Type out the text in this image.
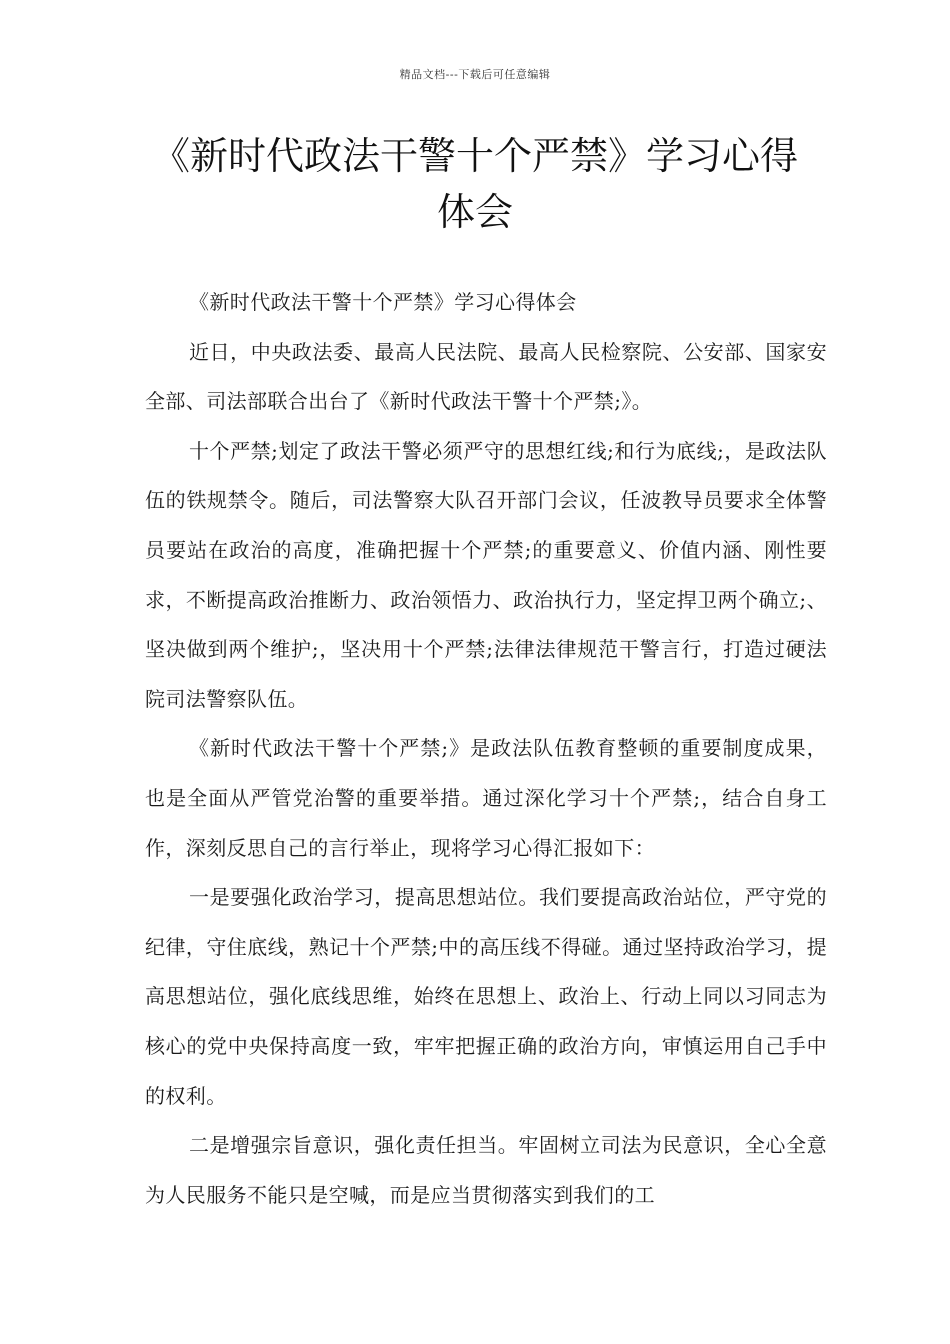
精品文档---下载后可任意编辑
《新时代政法干警十个严禁》学习心得
体会

《新时代政法干警十个严禁》学习心得体会

近日，中央政法委、最高人民法院、最高人民检察院、公安部、国家安全部、司法部联合出台了《新时代政法干警十个严禁;》。

十个严禁;划定了政法干警必须严守的思想红线;和行为底线;，是政法队伍的铁规禁令。随后，司法警察大队召开部门会议，任波教导员要求全体警员要站在政治的高度，准确把握十个严禁;的重要意义、价值内涵、刚性要求，不断提高政治推断力、政治领悟力、政治执行力，坚定捍卫两个确立;、坚决做到两个维护;，坚决用十个严禁;法律法律规范干警言行，打造过硬法院司法警察队伍。

《新时代政法干警十个严禁;》是政法队伍教育整顿的重要制度成果，也是全面从严管党治警的重要举措。通过深化学习十个严禁;，结合自身工作，深刻反思自己的言行举止，现将学习心得汇报如下：

一是要强化政治学习，提高思想站位。我们要提高政治站位，严守党的纪律，守住底线，熟记十个严禁;中的高压线不得碰。通过坚持政治学习，提高思想站位，强化底线思维，始终在思想上、政治上、行动上同以习同志为核心的党中央保持高度一致，牢牢把握正确的政治方向，审慎运用自己手中的权利。

二是增强宗旨意识，强化责任担当。牢固树立司法为民意识，全心全意为人民服务不能只是空喊，而是应当贯彻落实到我们的工
